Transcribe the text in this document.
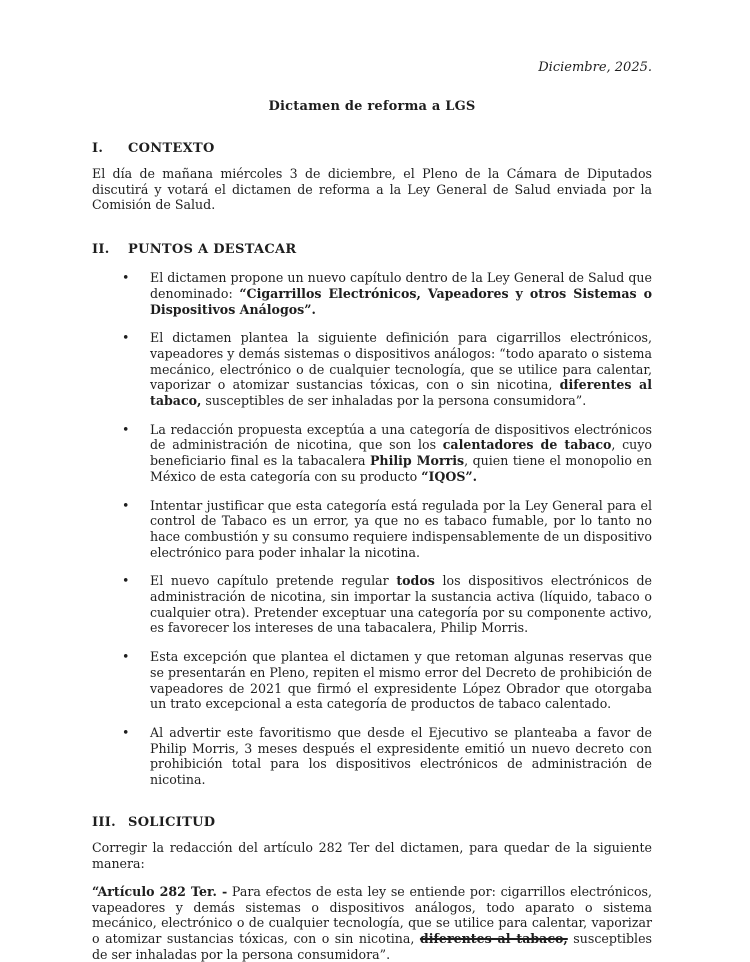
Diciembre, 2025.
Dictamen de reforma a LGS
I.	CONTEXTO

El día de mañana miércoles 3 de diciembre, el Pleno de la Cámara de Diputados discutirá y votará el dictamen de reforma a la Ley General de Salud enviada por la Comisión de Salud.

II.	PUNTOS A DESTACAR
• El dictamen propone un nuevo capítulo dentro de la Ley General de Salud que denominado: “Cigarrillos Electrónicos, Vapeadores y otros Sistemas o Dispositivos Análogos”.
• El dictamen plantea la siguiente definición para cigarrillos electrónicos, vapeadores y demás sistemas o dispositivos análogos: “todo aparato o sistema mecánico, electrónico o de cualquier tecnología, que se utilice para calentar, vaporizar o atomizar sustancias tóxicas, con o sin nicotina, diferentes al tabaco, susceptibles de ser inhaladas por la persona consumidora”.
• La redacción propuesta exceptúa a una categoría de dispositivos electrónicos de administración de nicotina, que son los calentadores de tabaco, cuyo beneficiario final es la tabacalera Philip Morris, quien tiene el monopolio en México de esta categoría con su producto “IQOS”.
• Intentar justificar que esta categoría está regulada por la Ley General para el control de Tabaco es un error, ya que no es tabaco fumable, por lo tanto no hace combustión y su consumo requiere indispensablemente de un dispositivo electrónico para poder inhalar la nicotina.
• El nuevo capítulo pretende regular todos los dispositivos electrónicos de administración de nicotina, sin importar la sustancia activa (líquido, tabaco o cualquier otra). Pretender exceptuar una categoría por su componente activo, es favorecer los intereses de una tabacalera, Philip Morris.
• Esta excepción que plantea el dictamen y que retoman algunas reservas que se presentarán en Pleno, repiten el mismo error del Decreto de prohibición de vapeadores de 2021 que firmó el expresidente López Obrador que otorgaba un trato excepcional a esta categoría de productos de tabaco calentado.
• Al advertir este favoritismo que desde el Ejecutivo se planteaba a favor de Philip Morris, 3 meses después el expresidente emitió un nuevo decreto con prohibición total para los dispositivos electrónicos de administración de nicotina.
III. SOLICITUD

Corregir la redacción del artículo 282 Ter del dictamen, para quedar de la siguiente manera:

“Artículo 282 Ter. - Para efectos de esta ley se entiende por: cigarrillos electrónicos, vapeadores y demás sistemas o dispositivos análogos, todo aparato o sistema mecánico, electrónico o de cualquier tecnología, que se utilice para calentar, vaporizar o atomizar sustancias tóxicas, con o sin nicotina, diferentes al tabaco, susceptibles de ser inhaladas por la persona consumidora”.
